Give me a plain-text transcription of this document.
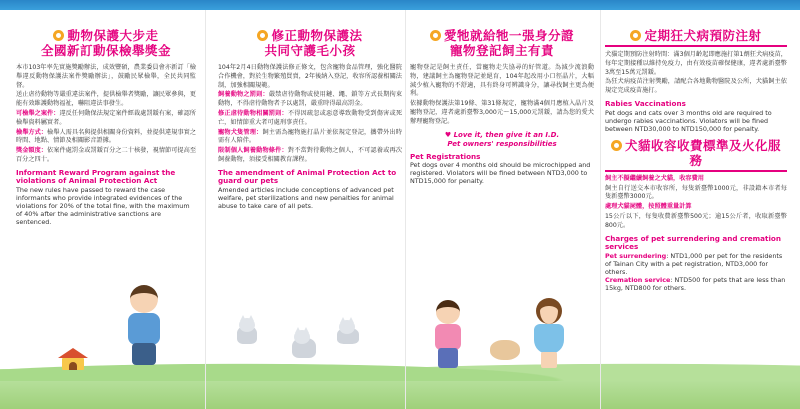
動物保護大步走
全國新訂動保檢舉獎金

本市103年率先實施獎勵辦法，成效豐碩，農業委員會亦新訂「檢舉違反動物保護法案件獎勵辦法」，鼓勵民眾檢舉，全民共同監督。

送止虐待動物等嚴重違法案件，提供檢舉者獎勵，讓民眾參與，更能有效維護動物福祉，嚇阻違法事發生。

可檢舉之案件：違反任何動保法規定案件經裁處罰鍰有案，確認所檢舉資料屬實者。

檢舉方式：檢舉人需具名與提供相關身份資料，並提供違規事實之時間、地點、情節及相關影音證據。

獎金額度：依案件處罰金或罰鍰百分之二十核發，視情節可提高至百分之四十。

Informant Reward Program against the violations of Animal Protection Act
The new rules have passed to reward the case informants who provide integrated evidences of the violations for 20% of the total fine, with the maximum of 40% after the administrative sanctions are sentenced.
修正動物保護法
共同守護毛小孩

104年2月4日動物保護法修正條文，包含寵物食品管理，強化醫院合作機會，對於生物繁殖買賣，2年後納入登記，收容所認養相關法制，加強相關規範。

飼養動物之罰則：嚴禁虐待動物或使用鏈、繩、鎖等方式長期拘束動物，不得虐待動物者予以處罰，嚴重時得最高罰金。

修正虐待動物相關罰則：不得因疏忽或惡意導致動物受到傷害或死亡，如情節重大者可處刑事責任。

寵物犬隻管理：飼主需為寵物施打晶片並依規定登記，攜帶外出時需有人陪伴。

限制個人飼養動物條件：對不當對待動物之個人，不可認養或再次飼養動物，須接受相關教育課程。

The amendment of Animal Protection Act to guard our pets
Amended articles include conceptions of advanced pet welfare, pet sterilizations and new penalties for animal abuse to take care of all pets.
愛牠就給牠一張身分證
寵物登記飼主有責

寵物登記是飼主責任，當寵物走失協尋的好管道。為減少流浪動物，建議飼主為寵物登記並絕育，104年起改用小口徑晶片，大幅減少植入寵物的不舒適，具有終身可辨識身分，讓尋找飼主更為便利。

依據動物保護法第19條、第31條規定，寵物滿4個月應植入晶片及寵物登記，違者處新臺幣3,000元～15,000元罰鍰，請為您的愛犬辦理寵物登記。

♥ Love it, then give it an I.D.
Pet owners' responsibilities
Pet Registrations
Pet dogs over 4 months old should be microchipped and registered. Violators will be fined between NTD3,000 to NTD15,000 for penalty.
定期狂犬病預防注射

犬貓定期預防注射時間：滿3個月齡起即應施打第1劑狂犬病疫苗，每年定期接種以維持免疫力，由有效疫苗確保健康，違者處新臺幣3萬至15萬元罰鍰。

為狂犬病疫苗注射獎勵，請配合各地動物醫院及公所，犬貓飼主依規定完成疫苗施打。

Rabies Vaccinations
Pet dogs and cats over 3 months old are required to undergo rabies vaccinations. Violators will be fined between NTD30,000 to NTD150,000 for penalty.
犬貓收容收費標準及火化服務

飼主不擬繼續飼養之犬貓，收容費用

飼主自行送交本市收容所，每隻新臺幣1000元，非設籍本市者每隻新臺幣3000元。

處理犬貓屍體，按照體重量計算

15公斤以下，每隻收費新臺幣500元；逾15公斤者，收取新臺幣800元。

Charges of pet surrendering and cremation services
Pet surrendering: NTD1,000 per pet for the residents of Tainan City with a pet registration, NTD3,000 for others.
Cremation service: NTD500 for pets that are less than 15kg, NTD800 for others.
